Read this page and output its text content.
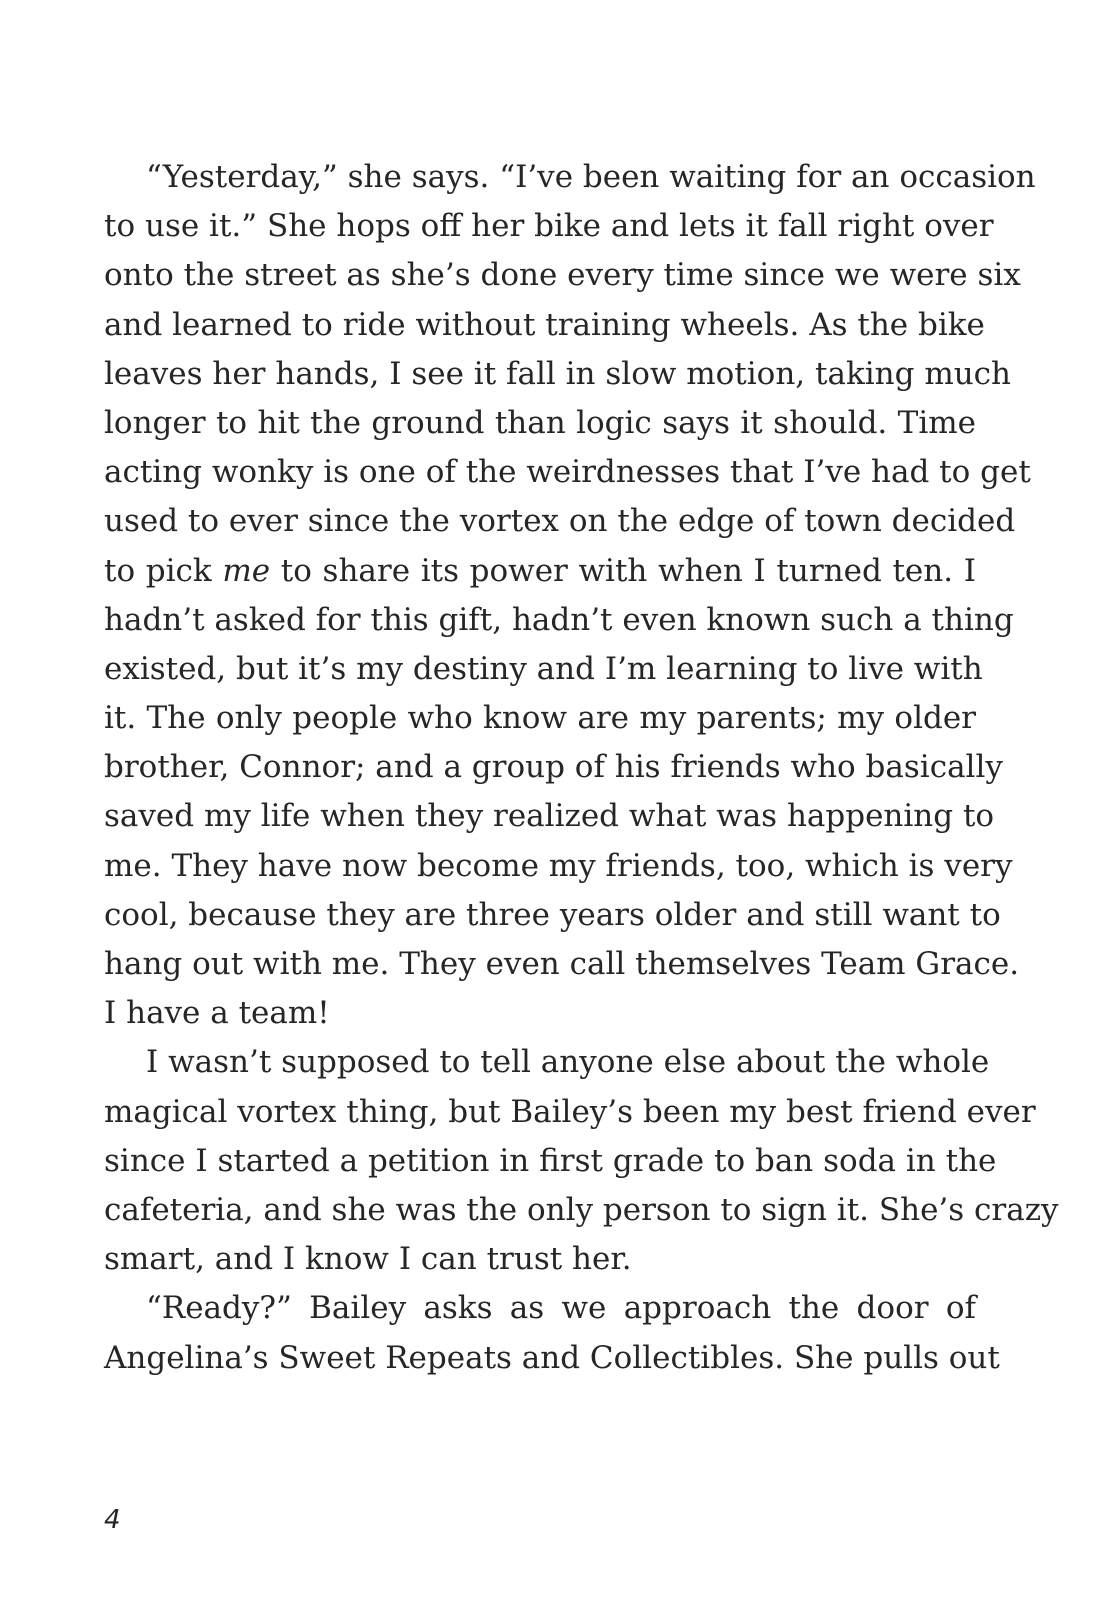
“Yesterday,” she says. “I’ve been waiting for an occasion
to use it.” She hops off her bike and lets it fall right over
onto the street as she’s done every time since we were six
and learned to ride without training wheels. As the bike
leaves her hands, I see it fall in slow motion, taking much
longer to hit the ground than logic says it should. Time
acting wonky is one of the weirdnesses that I’ve had to get
used to ever since the vortex on the edge of town decided
to pick me to share its power with when I turned ten. I
hadn’t asked for this gift, hadn’t even known such a thing
existed, but it’s my destiny and I’m learning to live with
it. The only people who know are my parents; my older
brother, Connor; and a group of his friends who basically
saved my life when they realized what was happening to
me. They have now become my friends, too, which is very
cool, because they are three years older and still want to
hang out with me. They even call themselves Team Grace.
I have a team!
I wasn’t supposed to tell anyone else about the whole
magical vortex thing, but Bailey’s been my best friend ever
since I started a petition in first grade to ban soda in the
cafeteria, and she was the only person to sign it. She’s crazy
smart, and I know I can trust her.
“Ready?” Bailey asks as we approach the door of
Angelina’s Sweet Repeats and Collectibles. She pulls out
4
